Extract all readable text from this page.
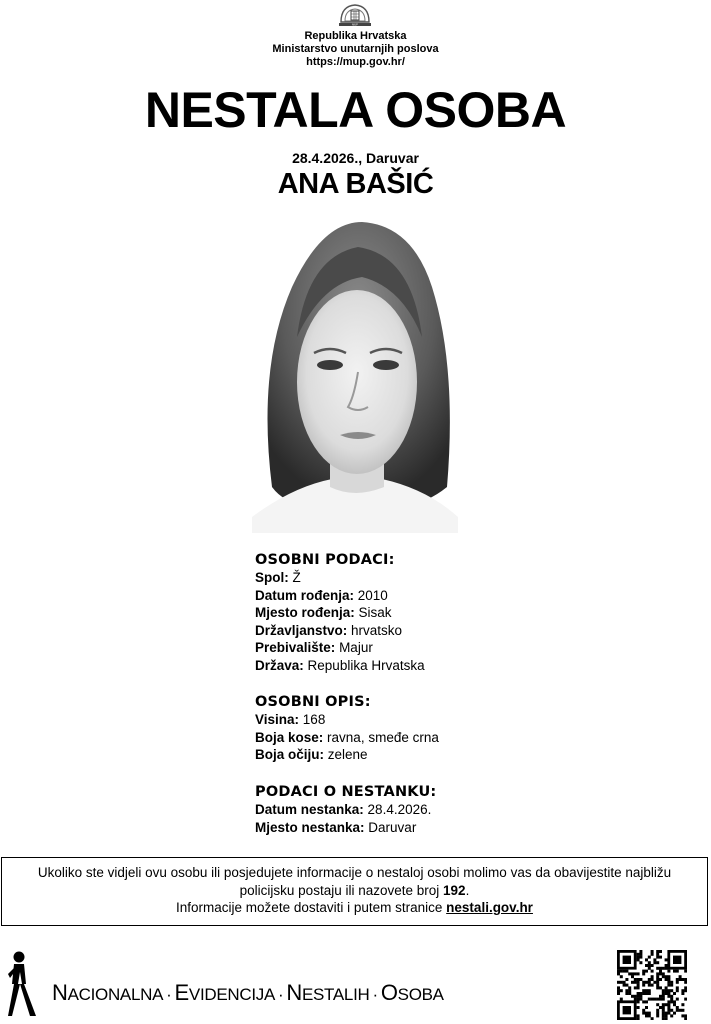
MUP
Republika Hrvatska
Ministarstvo unutarnjih poslova
https://mup.gov.hr/
NESTALA OSOBA
28.4.2026., Daruvar
ANA BAŠIĆ
OSOBNI PODACI:
Spol: Ž
Datum rođenja: 2010
Mjesto rođenja: Sisak
Državljanstvo: hrvatsko
Prebivalište: Majur
Država: Republika Hrvatska
OSOBNI OPIS:
Visina: 168
Boja kose: ravna, smeđe crna
Boja očiju: zelene
PODACI O NESTANKU:
Datum nestanka: 28.4.2026.
Mjesto nestanka: Daruvar
Ukoliko ste vidjeli ovu osobu ili posjedujete informacije o nestaloj osobi molimo vas da obavijestite najbližu
policijsku postaju ili nazovete broj 192.
Informacije možete dostaviti i putem stranice nestali.gov.hr
NACIONALNA · EVIDENCIJA · NESTALIH · OSOBA
